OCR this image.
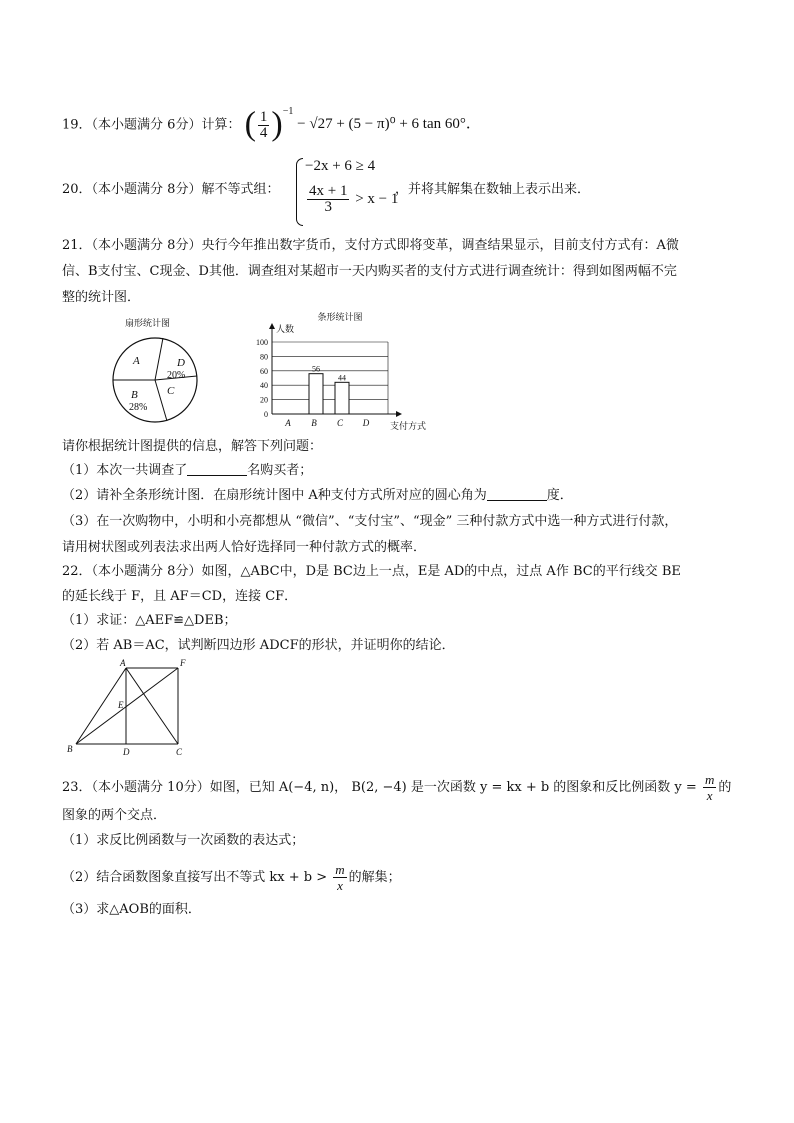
19．（本小题满分 6分）计算： ( $\frac{1}{4} )^{-1} - √27 + (5 - \pi)^0 + 6$ tan 60°．
20．（本小题满分 8分）解不等式组：
−2x + 6 ≥ 4
$\frac{4x + 1}{3} > x - 1$
，并将其解集在数轴上表示出来．
21．（本小题满分 8分）央行今年推出数字货币，支付方式即将变革，调查结果显示，目前支付方式有：A微
信、B支付宝、C现金、D其他．调查组对某超市一天内购买者的支付方式进行调查统计：得到如图两幅不完
整的统计图．
扇形统计图
A	D
20%
C
B
28%
条形统计图
人数
0
20
40
60
80
100
支付方式
A
56
B
44
C D
请你根据统计图提供的信息，解答下列问题：
（1）本次一共调查了	名购买者；
（2）请补全条形统计图．在扇形统计图中 A种支付方式所对应的圆心角为	度．
（3）在一次购物中，小明和小亮都想从 “微信”、“支付宝”、“现金” 三种付款方式中选一种方式进行付款，
请用树状图或列表法求出两人恰好选择同一种付款方式的概率．
22．（本小题满分 8分）如图，△ABC中，D是 BC边上一点，E是 AD的中点，过点 A作 BC的平行线交 BE
的延长线于 F，且 AF＝CD，连接 CF．
（1）求证：△AEF≌△DEB；
（2）若 AB＝AC，试判断四边形 ADCF的形状，并证明你的结论．
A	F
E
B	D	C
23．（本小题满分 10分）如图，已知 A(−4, n)， B(2, −4) 是一次函数 y = kx + b 的图象和反比例函数 $y = \frac{m}{x}$ 的
图象的两个交点．
（1）求反比例函数与一次函数的表达式；
（2）结合函数图象直接写出不等式 kx + $b > \frac{m}{x}$ 的解集；
（3）求△AOB的面积．
